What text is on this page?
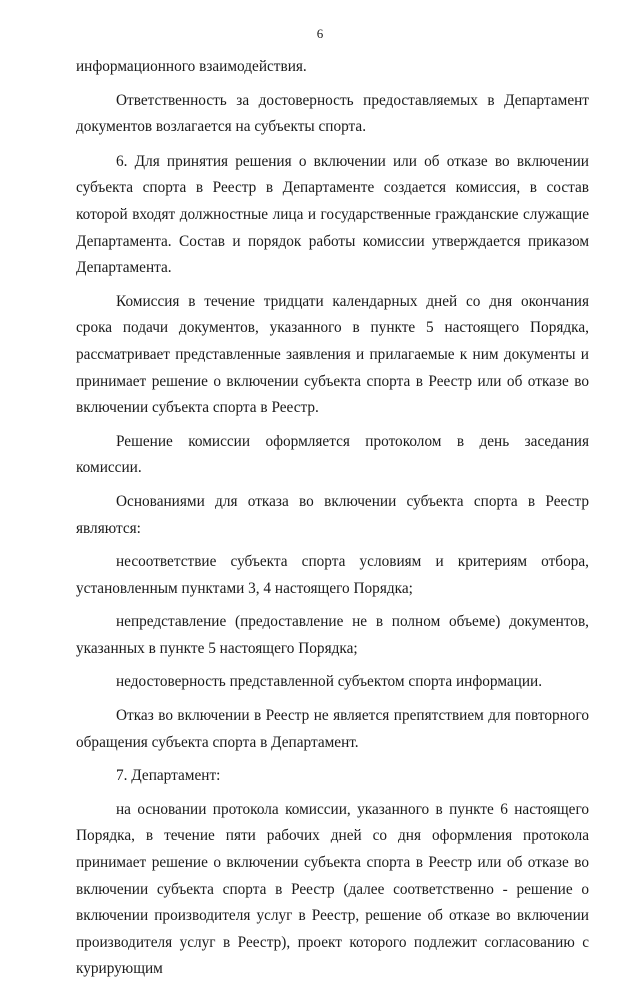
6

информационного взаимодействия.

Ответственность за достоверность предоставляемых в Департамент документов возлагается на субъекты спорта.

6. Для принятия решения о включении или об отказе во включении субъекта спорта в Реестр в Департаменте создается комиссия, в состав которой входят должностные лица и государственные гражданские служащие Департамента. Состав и порядок работы комиссии утверждается приказом Департамента.

Комиссия в течение тридцати календарных дней со дня окончания срока подачи документов, указанного в пункте 5 настоящего Порядка, рассматривает представленные заявления и прилагаемые к ним документы и принимает решение о включении субъекта спорта в Реестр или об отказе во включении субъекта спорта в Реестр.

Решение комиссии оформляется протоколом в день заседания комиссии.

Основаниями для отказа во включении субъекта спорта в Реестр являются:

несоответствие субъекта спорта условиям и критериям отбора, установленным пунктами 3, 4 настоящего Порядка;

непредставление (предоставление не в полном объеме) документов, указанных в пункте 5 настоящего Порядка;

недостоверность представленной субъектом спорта информации.

Отказ во включении в Реестр не является препятствием для повторного обращения субъекта спорта в Департамент.

7. Департамент:

на основании протокола комиссии, указанного в пункте 6 настоящего Порядка, в течение пяти рабочих дней со дня оформления протокола принимает решение о включении субъекта спорта в Реестр или об отказе во включении субъекта спорта в Реестр (далее соответственно - решение о включении производителя услуг в Реестр, решение об отказе во включении производителя услуг в Реестр), проект которого подлежит согласованию с курирующим
